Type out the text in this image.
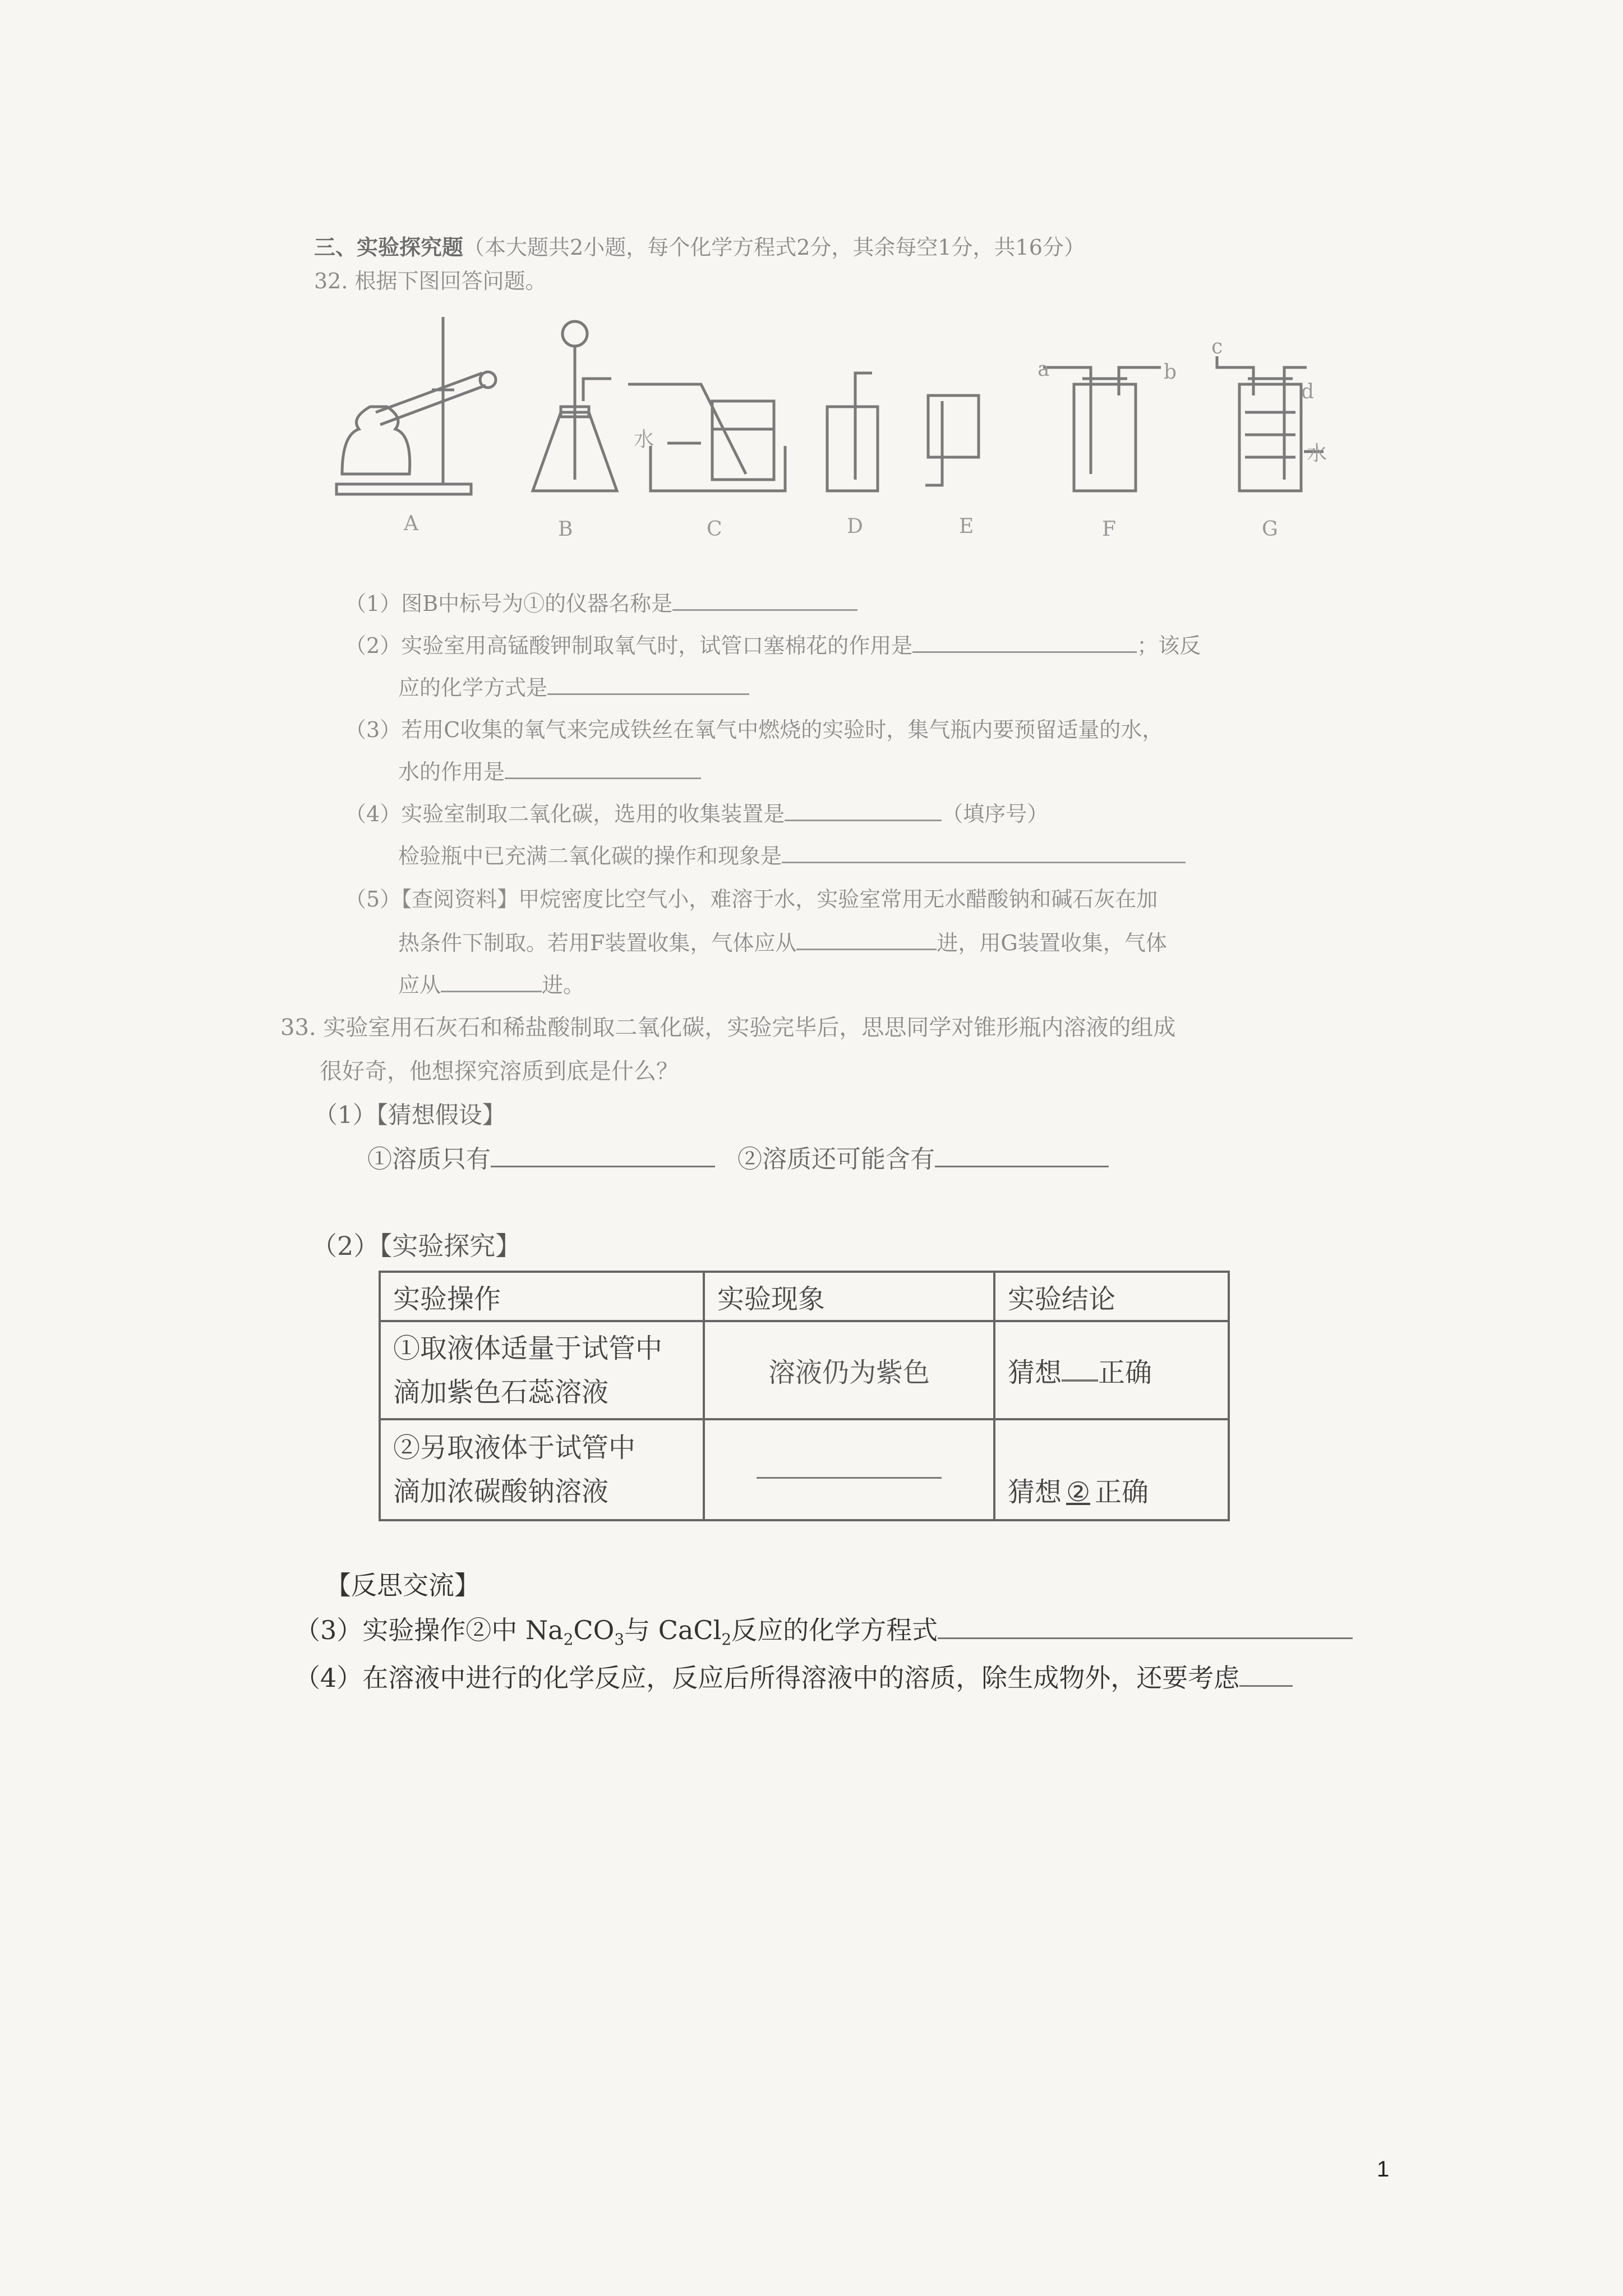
三、实验探究题（本大题共2小题，每个化学方程式2分，其余每空1分，共16分）
32. 根据下图回答问题。
A	B	C	D	E	F	G
a	b
c
d
水
水
（1）图B中标号为①的仪器名称是
（2）实验室用高锰酸钾制取氧气时，试管口塞棉花的作用是	；该反
应的化学方式是
（3）若用C收集的氧气来完成铁丝在氧气中燃烧的实验时，集气瓶内要预留适量的水，
水的作用是
（4）实验室制取二氧化碳，选用的收集装置是	（填序号）
检验瓶中已充满二氧化碳的操作和现象是
（5）【查阅资料】甲烷密度比空气小，难溶于水，实验室常用无水醋酸钠和碱石灰在加
热条件下制取。若用F装置收集，气体应从	进，用G装置收集，气体
应从	进。
33. 实验室用石灰石和稀盐酸制取二氧化碳，实验完毕后，思思同学对锥形瓶内溶液的组成
很好奇，他想探究溶质到底是什么？
（1）【猜想假设】
①溶质只有	②溶质还可能含有
（2）【实验探究】
实验操作	实验现象	实验结论

①取液体适量于试管中
滴加紫色石蕊溶液	溶液仍为紫色	猜想 正确

②另取液体于试管中
滴加浓碳酸钠溶液		猜想 ② 正确
【反思交流】
（3）实验操作②中 $Na_2CO_3$与 CaCl$_2$反应的化学方程式
（4）在溶液中进行的化学反应，反应后所得溶液中的溶质，除生成物外，还要考虑
1
